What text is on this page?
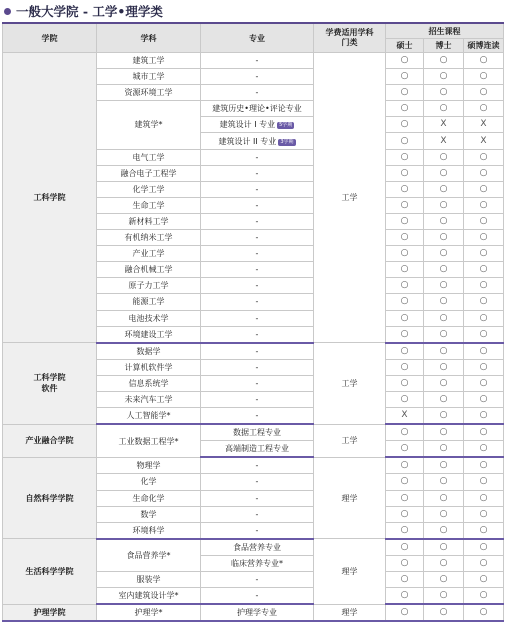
一般大学院 - 工学•理学类
学院	学科	专业	学费适用学科门类	招生课程		
				硕士	博士	硕博连读

工科学院	建筑工学	-	工学	○	○	○
	城市工学	-		○	○	○
	资源环境工学	-		○	○	○
	建筑学*	建筑历史•理论•评论专业		○	○	○
		建筑设计 I 专业 5学期		○	X	X
		建筑设计 II 专业 3学期		○	X	X
	电气工学	-		○	○	○
	融合电子工程学	-		○	○	○
	化学工学	-		○	○	○
	生命工学	-		○	○	○
	新材料工学	-		○	○	○
	有机纳米工学	-		○	○	○
	产业工学	-		○	○	○
	融合机械工学	-		○	○	○
	原子力工学	-		○	○	○
	能源工学	-		○	○	○
	电池技术学	-		○	○	○
	环境建设工学	-		○	○	○

工科学院
软件	数据学	-	工学	○	○	○
	计算机软件学	-		○	○	○
	信息系统学	-		○	○	○
	未来汽车工学	-		○	○	○
	人工智能学*	-		X	○	○

产业融合学院	工业数据工程学*	数据工程专业	工学	○	○	○
		高端制造工程专业		○	○	○

自然科学学院	物理学	-	理学	○	○	○
	化学	-		○	○	○
	生命化学	-		○	○	○
	数学	-		○	○	○
	环境科学	-		○	○	○

生活科学学院	食品营养学*	食品营养专业	理学	○	○	○
		临床营养专业*		○	○	○
	服装学	-		○	○	○
	室内建筑设计学*	-		○	○	○

护理学院	护理学*	护理学专业	理学	○	○	○
